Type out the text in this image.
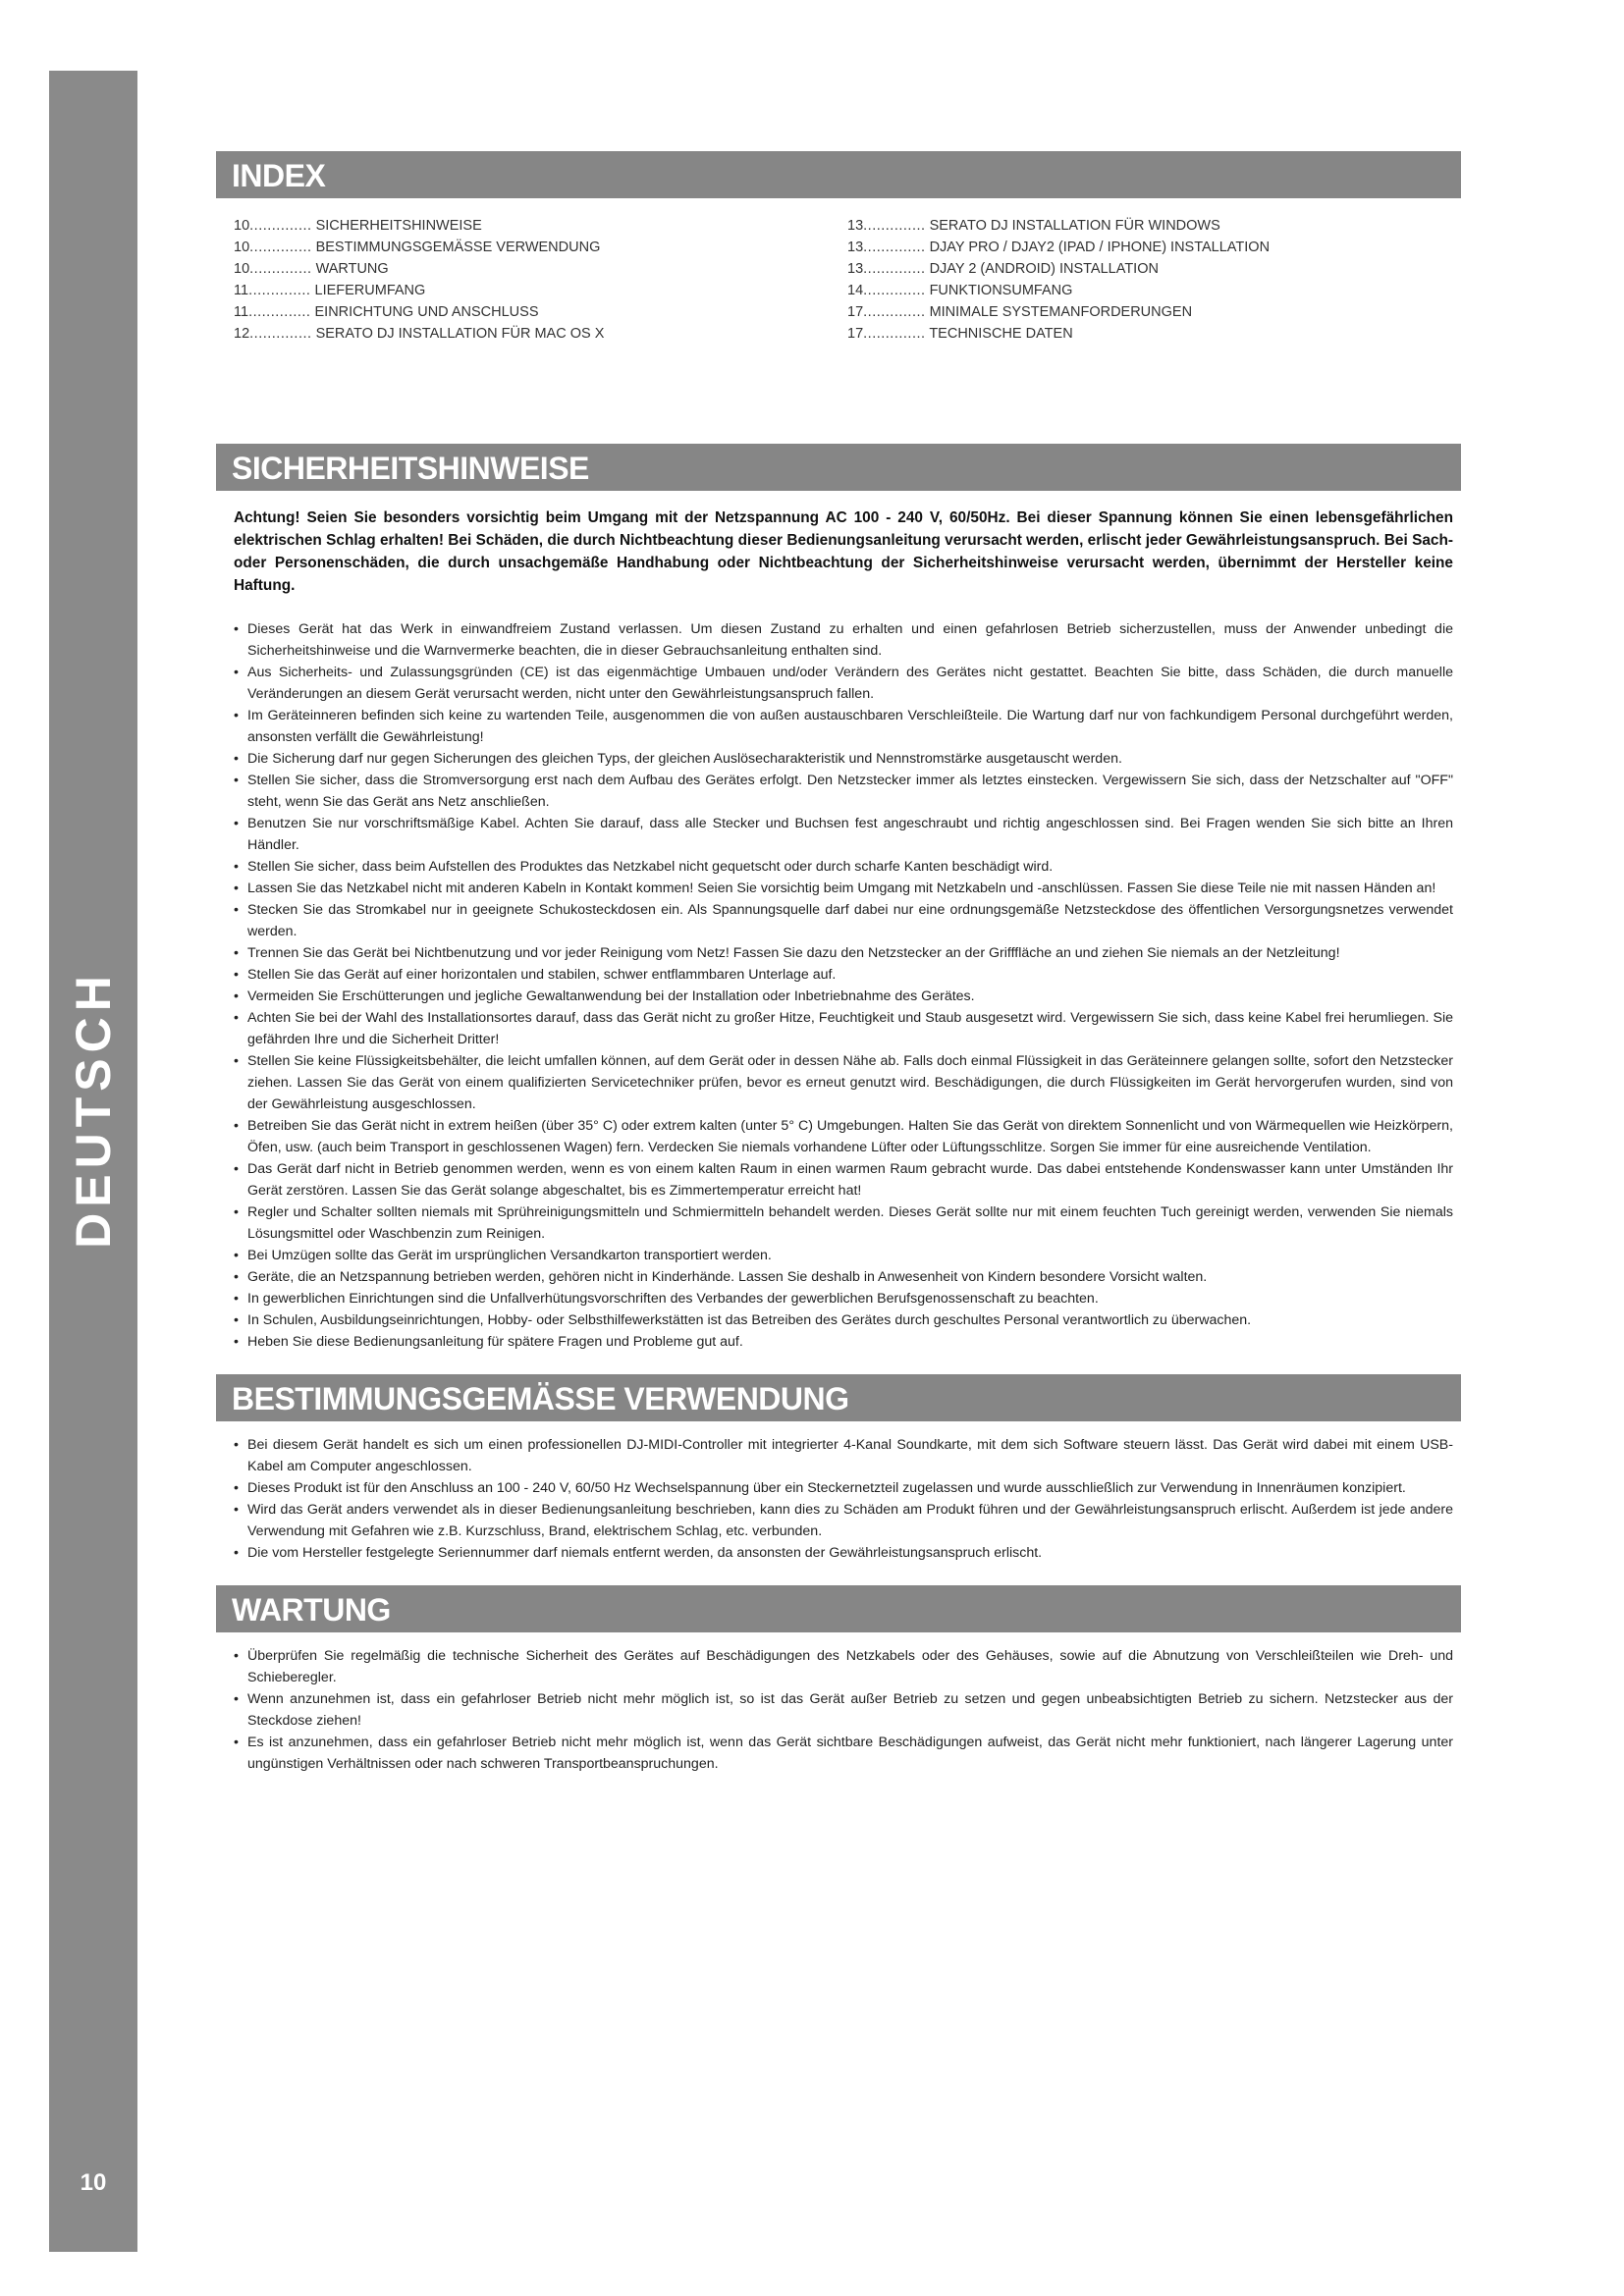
DEUTSCH
10
INDEX
10.............. SICHERHEITSHINWEISE
10.............. BESTIMMUNGSGEMÄSSE VERWENDUNG
10.............. WARTUNG
11.............. LIEFERUMFANG
11.............. EINRICHTUNG UND ANSCHLUSS
12.............. SERATO DJ INSTALLATION FÜR MAC OS X
13.............. SERATO DJ INSTALLATION FÜR WINDOWS
13.............. DJAY PRO / DJAY2 (IPAD / IPHONE) INSTALLATION
13.............. DJAY 2 (ANDROID) INSTALLATION
14.............. FUNKTIONSUMFANG
17.............. MINIMALE SYSTEMANFORDERUNGEN
17.............. TECHNISCHE DATEN
SICHERHEITSHINWEISE

Achtung! Seien Sie besonders vorsichtig beim Umgang mit der Netzspannung AC 100 - 240 V, 60/50Hz. Bei dieser Spannung können Sie einen lebensgefährlichen elektrischen Schlag erhalten! Bei Schäden, die durch Nichtbeachtung dieser Bedienungsanleitung verursacht werden, erlischt jeder Gewährleistungsanspruch. Bei Sach- oder Personenschäden, die durch unsachgemäße Handhabung oder Nichtbeachtung der Sicherheitshinweise verursacht werden, übernimmt der Hersteller keine Haftung.

• Dieses Gerät hat das Werk in einwandfreiem Zustand verlassen. Um diesen Zustand zu erhalten und einen gefahrlosen Betrieb sicherzustellen, muss der Anwender unbedingt die Sicherheitshinweise und die Warnvermerke beachten, die in dieser Gebrauchsanleitung enthalten sind.
• Aus Sicherheits- und Zulassungsgründen (CE) ist das eigenmächtige Umbauen und/oder Verändern des Gerätes nicht gestattet. Beachten Sie bitte, dass Schäden, die durch manuelle Veränderungen an diesem Gerät verursacht werden, nicht unter den Gewährleistungsanspruch fallen.
• Im Geräteinneren befinden sich keine zu wartenden Teile, ausgenommen die von außen austauschbaren Verschleißteile. Die Wartung darf nur von fachkundigem Personal durchgeführt werden, ansonsten verfällt die Gewährleistung!
• Die Sicherung darf nur gegen Sicherungen des gleichen Typs, der gleichen Auslösecharakteristik und Nennstromstärke ausgetauscht werden.
• Stellen Sie sicher, dass die Stromversorgung erst nach dem Aufbau des Gerätes erfolgt. Den Netzstecker immer als letztes einstecken. Vergewissern Sie sich, dass der Netzschalter auf "OFF" steht, wenn Sie das Gerät ans Netz anschließen.
• Benutzen Sie nur vorschriftsmäßige Kabel. Achten Sie darauf, dass alle Stecker und Buchsen fest angeschraubt und richtig angeschlossen sind. Bei Fragen wenden Sie sich bitte an Ihren Händler.
• Stellen Sie sicher, dass beim Aufstellen des Produktes das Netzkabel nicht gequetscht oder durch scharfe Kanten beschädigt wird.
• Lassen Sie das Netzkabel nicht mit anderen Kabeln in Kontakt kommen! Seien Sie vorsichtig beim Umgang mit Netzkabeln und -anschlüssen. Fassen Sie diese Teile nie mit nassen Händen an!
• Stecken Sie das Stromkabel nur in geeignete Schukosteckdosen ein. Als Spannungsquelle darf dabei nur eine ordnungsgemäße Netzsteckdose des öffentlichen Versorgungsnetzes verwendet werden.
• Trennen Sie das Gerät bei Nichtbenutzung und vor jeder Reinigung vom Netz! Fassen Sie dazu den Netzstecker an der Grifffläche an und ziehen Sie niemals an der Netzleitung!
• Stellen Sie das Gerät auf einer horizontalen und stabilen, schwer entflammbaren Unterlage auf.
• Vermeiden Sie Erschütterungen und jegliche Gewaltanwendung bei der Installation oder Inbetriebnahme des Gerätes.
• Achten Sie bei der Wahl des Installationsortes darauf, dass das Gerät nicht zu großer Hitze, Feuchtigkeit und Staub ausgesetzt wird. Vergewissern Sie sich, dass keine Kabel frei herumliegen. Sie gefährden Ihre und die Sicherheit Dritter!
• Stellen Sie keine Flüssigkeitsbehälter, die leicht umfallen können, auf dem Gerät oder in dessen Nähe ab. Falls doch einmal Flüssigkeit in das Geräteinnere gelangen sollte, sofort den Netzstecker ziehen. Lassen Sie das Gerät von einem qualifizierten Servicetechniker prüfen, bevor es erneut genutzt wird. Beschädigungen, die durch Flüssigkeiten im Gerät hervorgerufen wurden, sind von der Gewährleistung ausgeschlossen.
• Betreiben Sie das Gerät nicht in extrem heißen (über 35° C) oder extrem kalten (unter 5° C) Umgebungen. Halten Sie das Gerät von direktem Sonnenlicht und von Wärmequellen wie Heizkörpern, Öfen, usw. (auch beim Transport in geschlossenen Wagen) fern. Verdecken Sie niemals vorhandene Lüfter oder Lüftungsschlitze. Sorgen Sie immer für eine ausreichende Ventilation.
• Das Gerät darf nicht in Betrieb genommen werden, wenn es von einem kalten Raum in einen warmen Raum gebracht wurde. Das dabei entstehende Kondenswasser kann unter Umständen Ihr Gerät zerstören. Lassen Sie das Gerät solange abgeschaltet, bis es Zimmertemperatur erreicht hat!
• Regler und Schalter sollten niemals mit Sprühreinigungsmitteln und Schmiermitteln behandelt werden. Dieses Gerät sollte nur mit einem feuchten Tuch gereinigt werden, verwenden Sie niemals Lösungsmittel oder Waschbenzin zum Reinigen.
• Bei Umzügen sollte das Gerät im ursprünglichen Versandkarton transportiert werden.
• Geräte, die an Netzspannung betrieben werden, gehören nicht in Kinderhände. Lassen Sie deshalb in Anwesenheit von Kindern besondere Vorsicht walten.
• In gewerblichen Einrichtungen sind die Unfallverhütungsvorschriften des Verbandes der gewerblichen Berufsgenossenschaft zu beachten.
• In Schulen, Ausbildungseinrichtungen, Hobby- oder Selbsthilfewerkstätten ist das Betreiben des Gerätes durch geschultes Personal verantwortlich zu überwachen.
• Heben Sie diese Bedienungsanleitung für spätere Fragen und Probleme gut auf.
BESTIMMUNGSGEMÄSSE VERWENDUNG
• Bei diesem Gerät handelt es sich um einen professionellen DJ-MIDI-Controller mit integrierter 4-Kanal Soundkarte, mit dem sich Software steuern lässt. Das Gerät wird dabei mit einem USB-Kabel am Computer angeschlossen.
• Dieses Produkt ist für den Anschluss an 100 - 240 V, 60/50 Hz Wechselspannung über ein Steckernetzteil zugelassen und wurde ausschließlich zur Verwendung in Innenräumen konzipiert.
• Wird das Gerät anders verwendet als in dieser Bedienungsanleitung beschrieben, kann dies zu Schäden am Produkt führen und der Gewährleistungsanspruch erlischt. Außerdem ist jede andere Verwendung mit Gefahren wie z.B. Kurzschluss, Brand, elektrischem Schlag, etc. verbunden.
• Die vom Hersteller festgelegte Seriennummer darf niemals entfernt werden, da ansonsten der Gewährleistungsanspruch erlischt.
WARTUNG
• Überprüfen Sie regelmäßig die technische Sicherheit des Gerätes auf Beschädigungen des Netzkabels oder des Gehäuses, sowie auf die Abnutzung von Verschleißteilen wie Dreh- und Schieberegler.
• Wenn anzunehmen ist, dass ein gefahrloser Betrieb nicht mehr möglich ist, so ist das Gerät außer Betrieb zu setzen und gegen unbeabsichtigten Betrieb zu sichern. Netzstecker aus der Steckdose ziehen!
• Es ist anzunehmen, dass ein gefahrloser Betrieb nicht mehr möglich ist, wenn das Gerät sichtbare Beschädigungen aufweist, das Gerät nicht mehr funktioniert, nach längerer Lagerung unter ungünstigen Verhältnissen oder nach schweren Transportbeanspruchungen.
